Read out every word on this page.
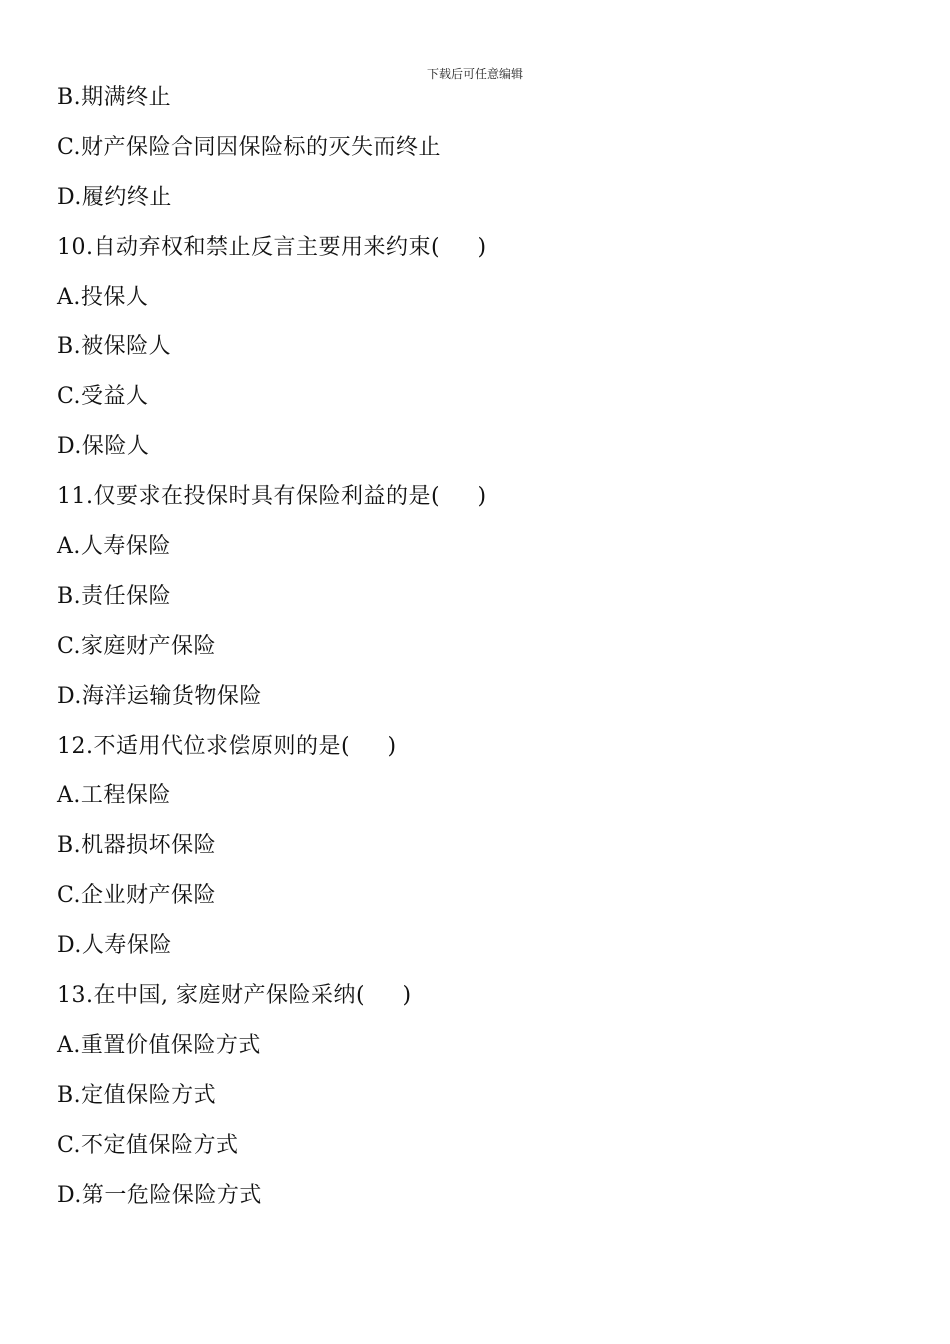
下载后可任意编辑
B.期满终止
C.财产保险合同因保险标的灭失而终止
D.履约终止
10.自动弃权和禁止反言主要用来约束(     )
A.投保人
B.被保险人
C.受益人
D.保险人
11.仅要求在投保时具有保险利益的是(     )
A.人寿保险
B.责任保险
C.家庭财产保险
D.海洋运输货物保险
12.不适用代位求偿原则的是(     )
A.工程保险
B.机器损坏保险
C.企业财产保险
D.人寿保险
13.在中国, 家庭财产保险采纳(     )
A.重置价值保险方式
B.定值保险方式
C.不定值保险方式
D.第一危险保险方式
